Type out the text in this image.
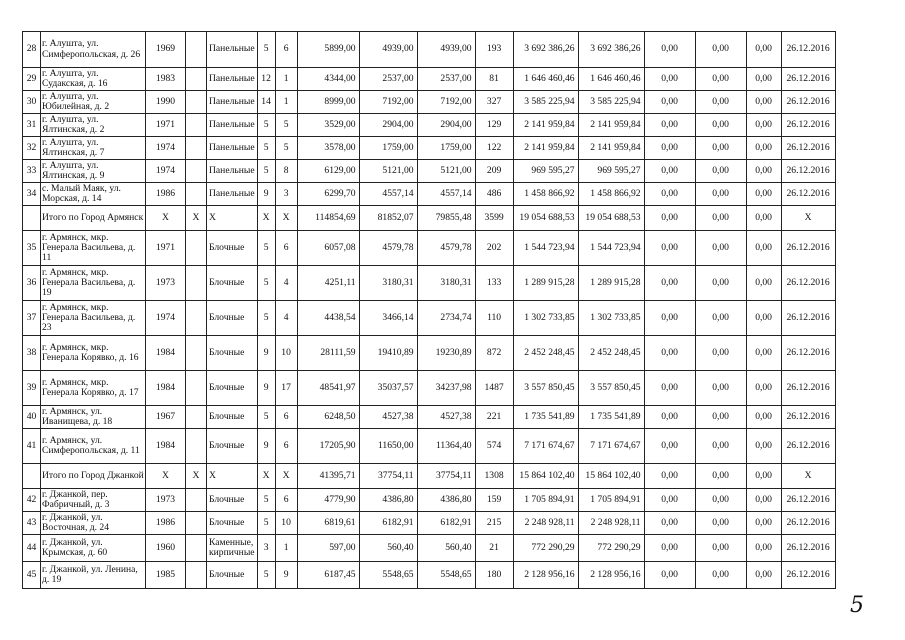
28	г. Алушта, ул. Симферопольская, д. 26	1969		Панельные	5	6	5899,00	4939,00	4939,00	193	3 692 386,26	3 692 386,26	0,00	0,00	0,00	26.12.2016
29	г. Алушта, ул. Судакская, д. 16	1983		Панельные	12	1	4344,00	2537,00	2537,00	81	1 646 460,46	1 646 460,46	0,00	0,00	0,00	26.12.2016
30	г. Алушта, ул. Юбилейная, д. 2	1990		Панельные	14	1	8999,00	7192,00	7192,00	327	3 585 225,94	3 585 225,94	0,00	0,00	0,00	26.12.2016
31	г. Алушта, ул. Ялтинская, д. 2	1971		Панельные	5	5	3529,00	2904,00	2904,00	129	2 141 959,84	2 141 959,84	0,00	0,00	0,00	26.12.2016
32	г. Алушта, ул. Ялтинская, д. 7	1974		Панельные	5	5	3578,00	1759,00	1759,00	122	2 141 959,84	2 141 959,84	0,00	0,00	0,00	26.12.2016
33	г. Алушта, ул. Ялтинская, д. 9	1974		Панельные	5	8	6129,00	5121,00	5121,00	209	969 595,27	969 595,27	0,00	0,00	0,00	26.12.2016
34	с. Малый Маяк, ул. Морская, д. 14	1986		Панельные	9	3	6299,70	4557,14	4557,14	486	1 458 866,92	1 458 866,92	0,00	0,00	0,00	26.12.2016
	Итого по Город Армянск	X	X	X	X	X	114854,69	81852,07	79855,48	3599	19 054 688,53	19 054 688,53	0,00	0,00	0,00	X
35	г. Армянск, мкр. Генерала Васильева, д. 11	1971		Блочные	5	6	6057,08	4579,78	4579,78	202	1 544 723,94	1 544 723,94	0,00	0,00	0,00	26.12.2016
36	г. Армянск, мкр. Генерала Васильева, д. 19	1973		Блочные	5	4	4251,11	3180,31	3180,31	133	1 289 915,28	1 289 915,28	0,00	0,00	0,00	26.12.2016
37	г. Армянск, мкр. Генерала Васильева, д. 23	1974		Блочные	5	4	4438,54	3466,14	2734,74	110	1 302 733,85	1 302 733,85	0,00	0,00	0,00	26.12.2016
38	г. Армянск, мкр. Генерала Корявко, д. 16	1984		Блочные	9	10	28111,59	19410,89	19230,89	872	2 452 248,45	2 452 248,45	0,00	0,00	0,00	26.12.2016
39	г. Армянск, мкр. Генерала Корявко, д. 17	1984		Блочные	9	17	48541,97	35037,57	34237,98	1487	3 557 850,45	3 557 850,45	0,00	0,00	0,00	26.12.2016
40	г. Армянск, ул. Иванищева, д. 18	1967		Блочные	5	6	6248,50	4527,38	4527,38	221	1 735 541,89	1 735 541,89	0,00	0,00	0,00	26.12.2016
41	г. Армянск, ул. Симферопольская, д. 11	1984		Блочные	9	6	17205,90	11650,00	11364,40	574	7 171 674,67	7 171 674,67	0,00	0,00	0,00	26.12.2016
	Итого по Город Джанкой	X	X	X	X	X	41395,71	37754,11	37754,11	1308	15 864 102,40	15 864 102,40	0,00	0,00	0,00	X
42	г. Джанкой, пер. Фабричный, д. 3	1973		Блочные	5	6	4779,90	4386,80	4386,80	159	1 705 894,91	1 705 894,91	0,00	0,00	0,00	26.12.2016
43	г. Джанкой, ул. Восточная, д. 24	1986		Блочные	5	10	6819,61	6182,91	6182,91	215	2 248 928,11	2 248 928,11	0,00	0,00	0,00	26.12.2016
44	г. Джанкой, ул. Крымская, д. 60	1960		Каменные, кирпичные	3	1	597,00	560,40	560,40	21	772 290,29	772 290,29	0,00	0,00	0,00	26.12.2016
45	г. Джанкой, ул. Ленина, д. 19	1985		Блочные	5	9	6187,45	5548,65	5548,65	180	2 128 956,16	2 128 956,16	0,00	0,00	0,00	26.12.2016
5
